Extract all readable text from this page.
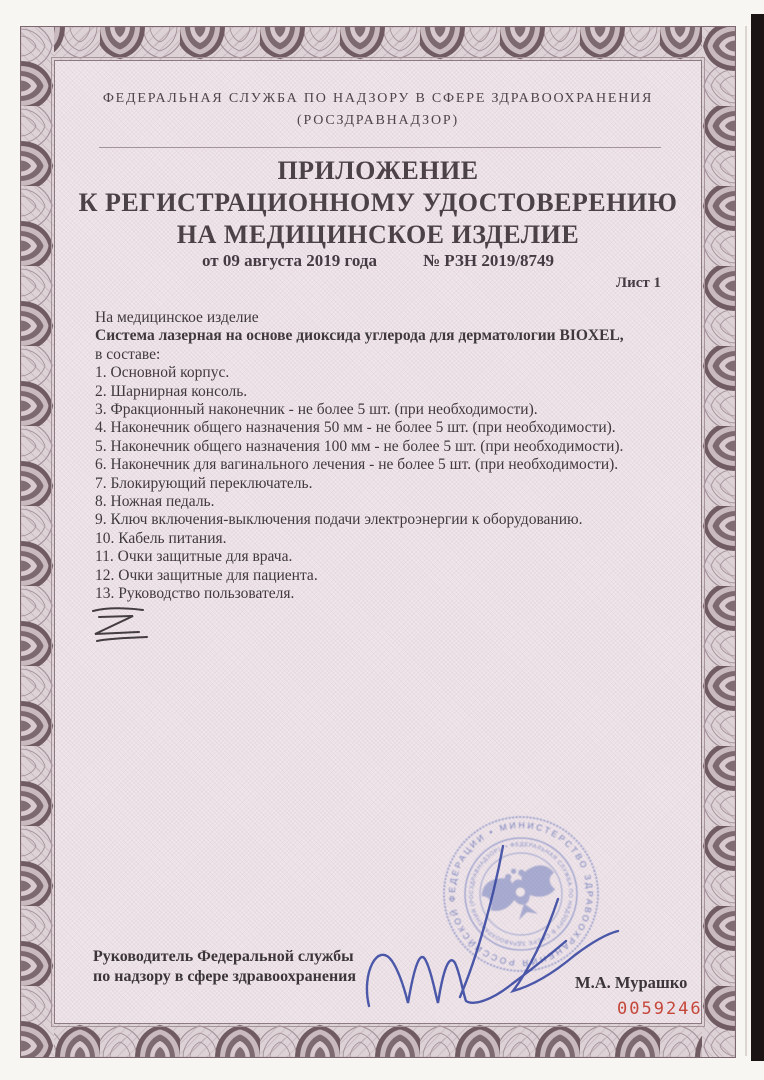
ФЕДЕРАЛЬНАЯ СЛУЖБА ПО НАДЗОРУ В СФЕРЕ ЗДРАВООХРАНЕНИЯ
(РОСЗДРАВНАДЗОР)
ПРИЛОЖЕНИЕ
К РЕГИСТРАЦИОННОМУ УДОСТОВЕРЕНИЮ
НА МЕДИЦИНСКОЕ ИЗДЕЛИЕ
от 09 августа 2019 года	№ РЗН 2019/8749
Лист 1
На медицинское изделие
Система лазерная на основе диоксида углерода для дерматологии BIOXEL,
в составе:
1. Основной корпус.
2. Шарнирная консоль.
3. Фракционный наконечник - не более 5 шт. (при необходимости).
4. Наконечник общего назначения 50 мм - не более 5 шт. (при необходимости).
5. Наконечник общего назначения 100 мм - не более 5 шт. (при необходимости).
6. Наконечник для вагинального лечения - не более 5 шт. (при необходимости).
7. Блокирующий переключатель.
8. Ножная педаль.
9. Ключ включения-выключения подачи электроэнергии к оборудованию.
10. Кабель питания.
11. Очки защитные для врача.
12. Очки защитные для пациента.
13. Руководство пользователя.
МИНИСТЕРСТВО ЗДРАВООХРАНЕНИЯ РОССИЙСКОЙ ФЕДЕРАЦИИ •
• ФЕДЕРАЛЬНАЯ СЛУЖБА ПО НАДЗОРУ В СФЕРЕ ЗДРАВООХРАНЕНИЯ (РОСЗДРАВНАДЗОР)
Руководитель Федеральной службы
по надзору в сфере здравоохранения	М.А. Мурашко
0059246
